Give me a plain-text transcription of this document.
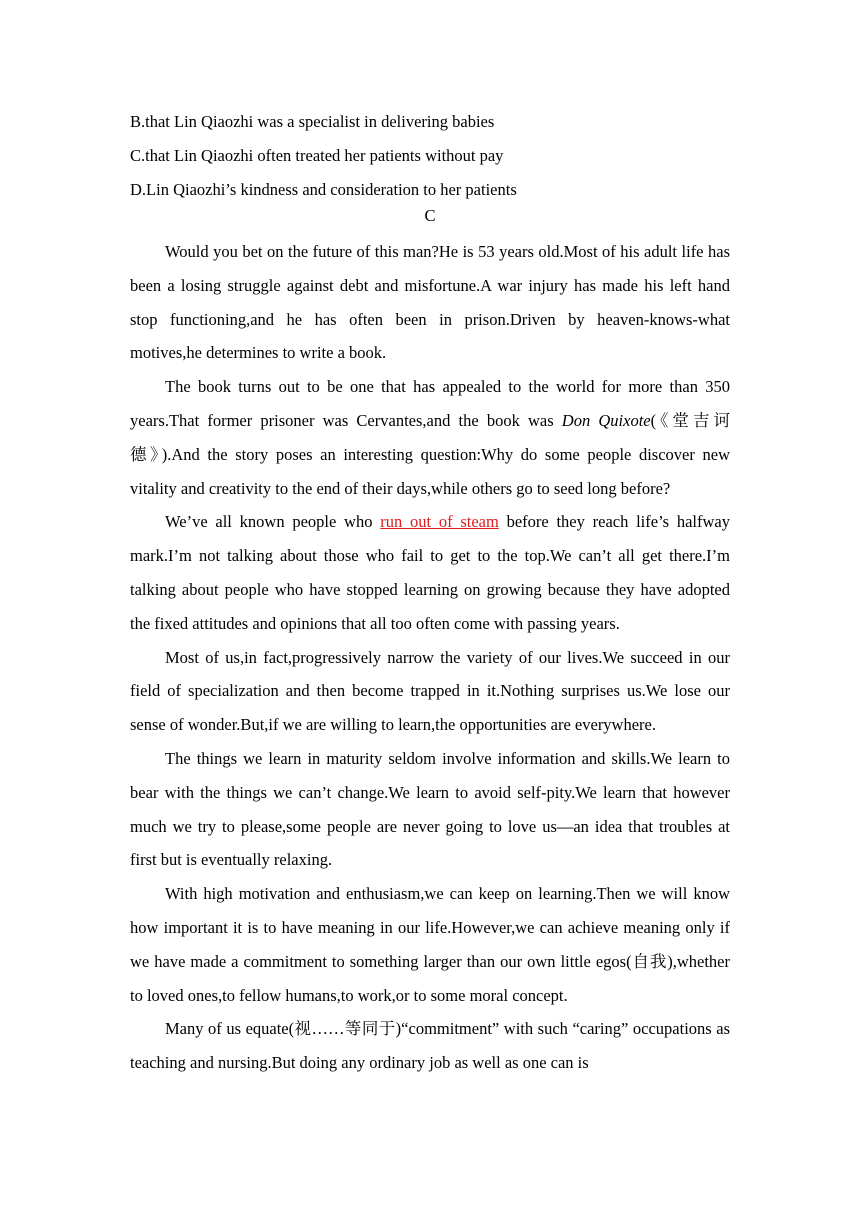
B.that Lin Qiaozhi was a specialist in delivering babies
C.that Lin Qiaozhi often treated her patients without pay
D.Lin Qiaozhi’s kindness and consideration to her patients
C

Would you bet on the future of this man?He is 53 years old.Most of his adult life has been a losing struggle against debt and misfortune.A war injury has made his left hand stop functioning,and he has often been in prison.Driven by heaven-knows-what motives,he determines to write a book.

The book turns out to be one that has appealed to the world for more than 350 years.That former prisoner was Cervantes,and the book was Don Quixote(《堂吉诃德》).And the story poses an interesting question:Why do some people discover new vitality and creativity to the end of their days,while others go to seed long before?

We’ve all known people who run out of steam before they reach life’s halfway mark.I’m not talking about those who fail to get to the top.We can’t all get there.I’m talking about people who have stopped learning on growing because they have adopted the fixed attitudes and opinions that all too often come with passing years.

Most of us,in fact,progressively narrow the variety of our lives.We succeed in our field of specialization and then become trapped in it.Nothing surprises us.We lose our sense of wonder.But,if we are willing to learn,the opportunities are everywhere.

The things we learn in maturity seldom involve information and skills.We learn to bear with the things we can’t change.We learn to avoid self-pity.We learn that however much we try to please,some people are never going to love us—an idea that troubles at first but is eventually relaxing.

With high motivation and enthusiasm,we can keep on learning.Then we will know how important it is to have meaning in our life.However,we can achieve meaning only if we have made a commitment to something larger than our own little egos(自我),whether to loved ones,to fellow humans,to work,or to some moral concept.

Many of us equate(视……等同于)“commitment” with such “caring” occupations as teaching and nursing.But doing any ordinary job as well as one can is
